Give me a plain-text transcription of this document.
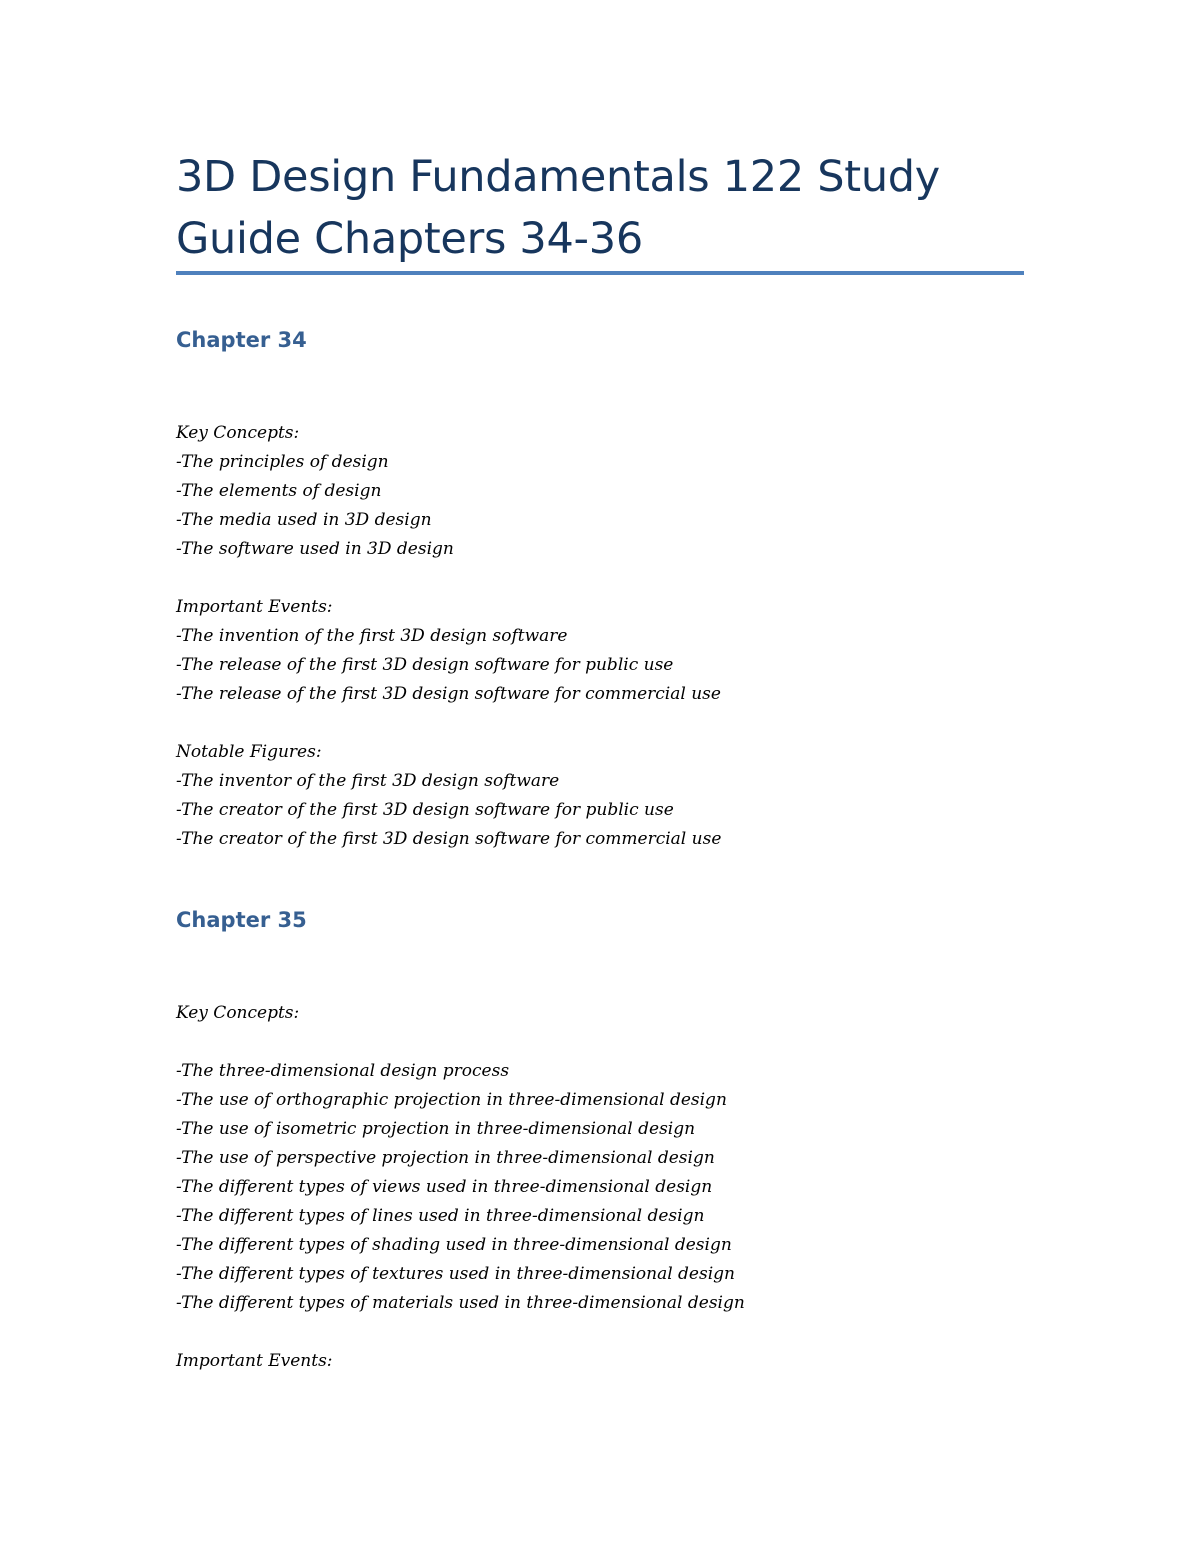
3D Design Fundamentals 122 Study Guide Chapters 34-36
Chapter 34

Key Concepts:

-The principles of design

-The elements of design

-The media used in 3D design

-The software used in 3D design

Important Events:

-The invention of the first 3D design software

-The release of the first 3D design software for public use

-The release of the first 3D design software for commercial use

Notable Figures:

-The inventor of the first 3D design software

-The creator of the first 3D design software for public use

-The creator of the first 3D design software for commercial use

Chapter 35

Key Concepts:

-The three-dimensional design process

-The use of orthographic projection in three-dimensional design

-The use of isometric projection in three-dimensional design

-The use of perspective projection in three-dimensional design

-The different types of views used in three-dimensional design

-The different types of lines used in three-dimensional design

-The different types of shading used in three-dimensional design

-The different types of textures used in three-dimensional design

-The different types of materials used in three-dimensional design

Important Events:
